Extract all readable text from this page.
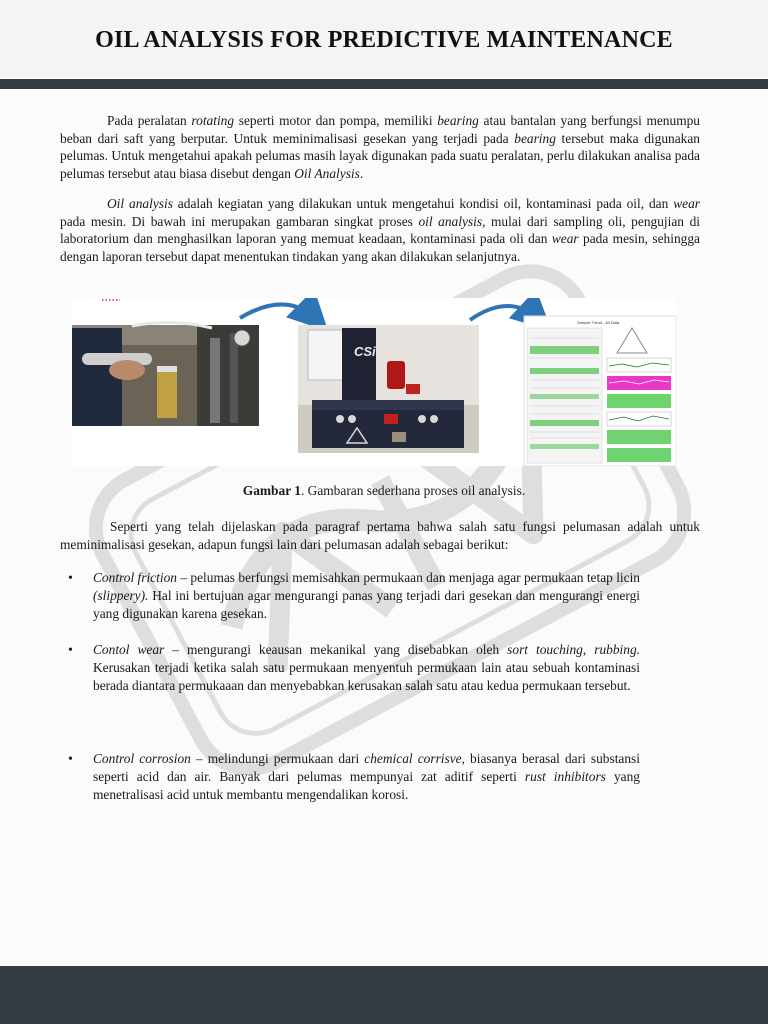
OIL ANALYSIS FOR PREDICTIVE MAINTENANCE

Pada peralatan rotating seperti motor dan pompa, memiliki bearing atau bantalan yang berfungsi menumpu beban dari saft yang berputar. Untuk meminimalisasi gesekan yang terjadi pada bearing tersebut maka digunakan pelumas. Untuk mengetahui apakah pelumas masih layak digunakan pada suatu peralatan, perlu dilakukan analisa pada pelumas tersebut atau biasa disebut dengan Oil Analysis.

Oil analysis adalah kegiatan yang dilakukan untuk mengetahui kondisi oil, kontaminasi pada oil, dan wear pada mesin. Di bawah ini merupakan gambaran singkat proses oil analysis, mulai dari sampling oli, pengujian di laboratorium dan menghasilkan laporan yang memuat keadaan, kontaminasi pada oli dan wear pada mesin, sehingga dengan laporan tersebut dapat menentukan tindakan yang akan dilakukan selanjutnya.

CSi
Sample Trend - All Data
Gambar 1. Gambaran sederhana proses oil analysis.

Seperti yang telah dijelaskan pada paragraf pertama bahwa salah satu fungsi pelumasan adalah untuk meminimalisasi gesekan, adapun fungsi lain dari pelumasan adalah sebagai berikut:

• Control friction – pelumas berfungsi memisahkan permukaan dan menjaga agar permukaan tetap licin (slippery). Hal ini bertujuan agar mengurangi panas yang terjadi dari gesekan dan mengurangi energi yang digunakan karena gesekan.

• Contol wear – mengurangi keausan mekanikal yang disebabkan oleh sort touching, rubbing. Kerusakan terjadi ketika salah satu permukaan menyentuh permukaan lain atau sebuah kontaminasi berada diantara permukaaan dan menyebabkan kerusakan salah satu atau kedua permukaan tersebut.

• Control corrosion – melindungi permukaan dari chemical corrisve, biasanya berasal dari substansi seperti acid dan air. Banyak dari pelumas mempunyai zat aditif seperti rust inhibitors yang menetralisasi acid untuk membantu mengendalikan korosi.
